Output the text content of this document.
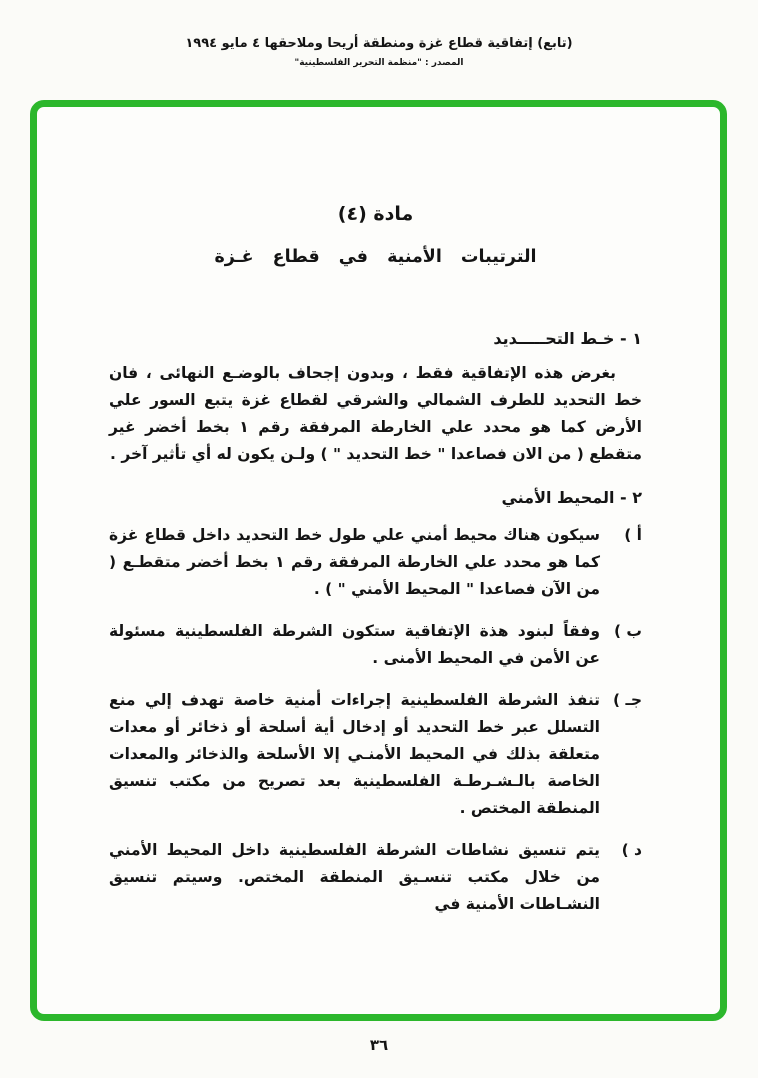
(تابع) إتفاقية قطاع غزة ومنطقة أريحا وملاحقها ٤ مايو ١٩٩٤
المصدر : "منظمة التحرير الفلسطينية"
مادة (٤)
الترتيبات الأمنية في قطاع غـزة
١ - خـط التحـــــديد

بغرض هذه الإتفاقية فقط ، وبدون إجحاف بالوضـع النهائى ، فان خط التحديد للطرف الشمالي والشرقي لقطاع غزة يتبع السور علي الأرض كما هو محدد علي الخارطة المرفقة رقم ١ بخط أخضر غير متقطع ( من الان فصاعدا " خط التحديد " ) ولـن يكون له أي تأثير آخر .

٢ - المحيط الأمني
أ )
سيكون هناك محيط أمني علي طول خط التحديد داخل قطاع غزة كما هو محدد علي الخارطة المرفقة رقم ١ بخط أخضر متقطـع ( من الآن فصاعدا " المحيط الأمني " ) .
ب )
وفقاً لبنود هذة الإتفاقية ستكون الشرطة الفلسطينية مسئولة عن الأمن في المحيط الأمنى .
جـ )
تنفذ الشرطة الفلسطينية إجراءات أمنية خاصة تهدف إلي منع التسلل عبر خط التحديد أو إدخال أية أسلحة أو ذخائر أو معدات متعلقة بذلك في المحيط الأمنـي إلا الأسلحة والذخائر والمعدات الخاصة بالـشـرطـة الفلسطينية بعد تصريح من مكتب تنسيق المنطقة المختص .
د )
يتم تنسيق نشاطات الشرطة الفلسطينية داخل المحيط الأمني من خلال مكتب تنسـيق المنطقة المختص. وسيتم تنسيق النشـاطات الأمنية في
٣٦
